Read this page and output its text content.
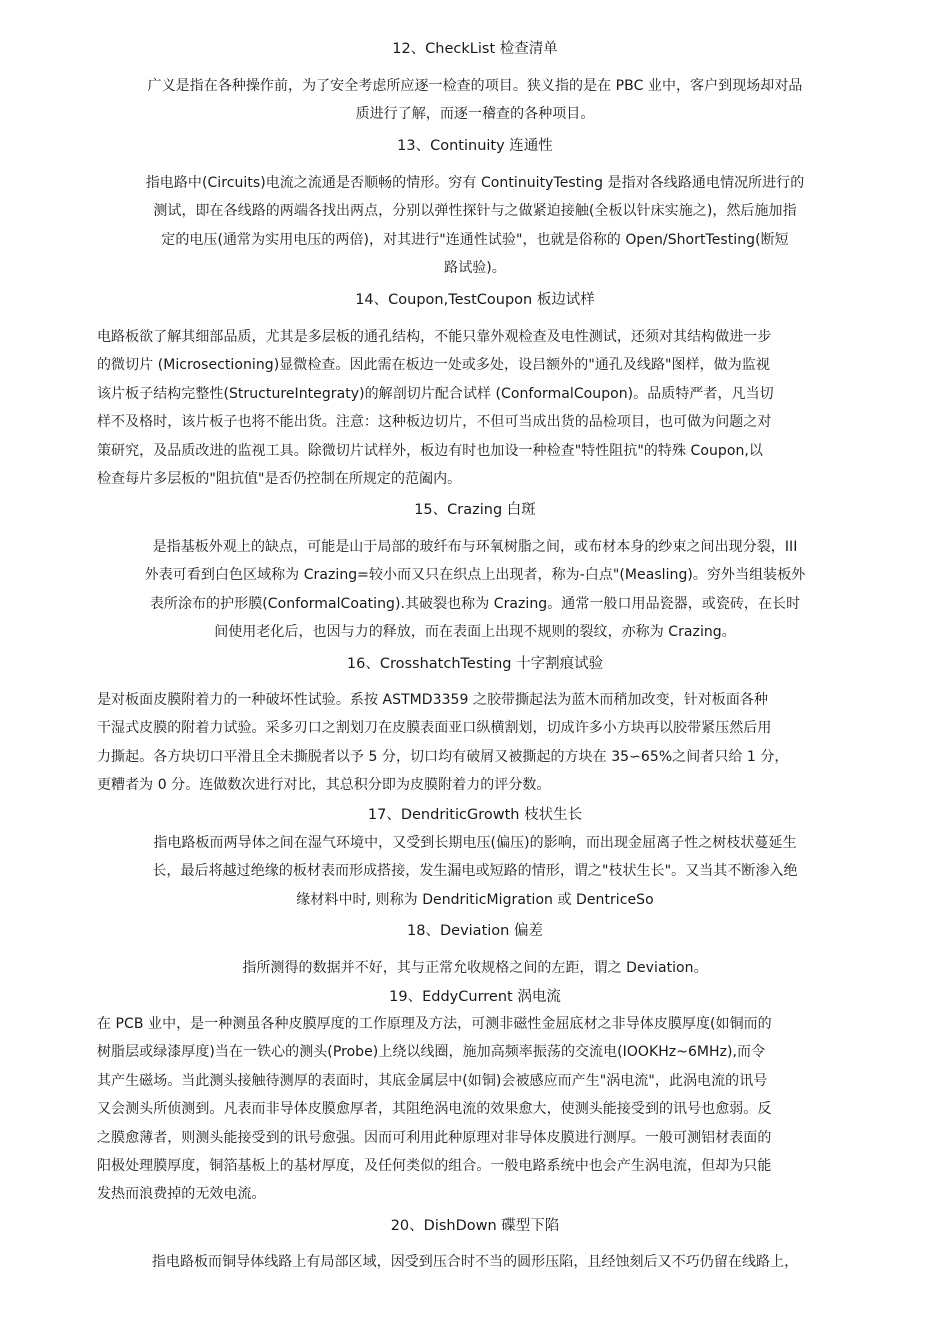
12、CheckList 检查清单
广义是指在各种操作前，为了安全考虑所应逐一检查的项目。狭义指的是在 PBC 业中，客户到现场却对品
质进行了解，而逐一稽查的各种项目。
13、Continuity 连通性
指电路中(Circuits)电流之流通是否顺畅的情形。穷有 ContinuityTesting 是指对各线路通电情况所进行的
测试，即在各线路的两端各找出两点，分别以弹性探针与之做紧迫接触(全板以针床实施之)，然后施加指
定的电压(通常为实用电压的两倍)，对其进行"连通性试验"，也就是俗称的 Open/ShortTesting(断短
路试验)。
14、Coupon,TestCoupon 板边试样
电路板欲了解其细部品质，尤其是多层板的通孔结构，不能只靠外观检查及电性测试，还须对其结构做进一步
的微切片 (Microsectioning)显微检查。因此需在板边一处或多处，设吕额外的"通孔及线路"图样，做为监视
该片板子结构完整性(StructureIntegraty)的解剖切片配合试样 (ConformalCoupon)。品质特严者，凡当切
样不及格时，该片板子也将不能出货。注意：这种板边切片，不但可当成出货的品检项目，也可做为问题之对
策研究，及品质改进的监视工具。除微切片试样外，板边有时也加设一种检查"特性阻抗"的特殊 Coupon,以
检查每片多层板的"阻抗值"是否仍控制在所规定的范阖内。
15、Crazing 白斑
是指基板外观上的缺点，可能是山于局部的玻纤布与环氧树脂之间，或布材本身的纱束之间出现分裂，III
外表可看到白色区域称为 Crazing=较小而又只在织点上出现者，称为-白点"(Measling)。穷外当组装板外
表所涂布的护形膜(ConformalCoating).其破裂也称为 Crazing。通常一般口用品瓷器，或瓷砖，在长时
间使用老化后，也因与力的释放，而在表面上出现不规则的裂纹，亦称为 Crazing。
16、CrosshatchTesting 十字割痕试验
是对板面皮膜附着力的一种破坏性试验。系按 ASTMD3359 之胶带撕起法为蓝木而稍加改变，针对板面各种
干湿式皮膜的附着力试验。采多刃口之割划刀在皮膜表面亚口纵横割划，切成许多小方块再以胶带紧压然后用
力撕起。各方块切口平滑且全未撕脱者以予 5 分，切口均有破屑又被撕起的方块在 35∽65%之间者只给 1 分，
更糟者为 0 分。连做数次进行对比，其总积分即为皮膜附着力的评分数。
17、DendriticGrowth 枝状生长
指电路板而两导体之间在湿气环境中，又受到长期电压(偏压)的影响，而出现金屈离子性之树枝状蔓延生
长，最后将越过绝缘的板材表而形成搭接，发生漏电或短路的情形，谓之"枝状生长"。又当其不断渗入绝
缘材料中时, 则称为 DendriticMigration 或 DentriceSo
18、Deviation 偏差
指所测得的数据并不好，其与正常允收规格之间的左距，谓之 Deviation。
19、EddyCurrent 涡电流
在 PCB 业中，是一种测虽各种皮膜厚度的工作原理及方法，可测非磁性金屈底材之非导体皮膜厚度(如铜而的
树脂层或绿漆厚度)当在一铁心的测头(Probe)上绕以线圈，施加高频率振荡的交流电(IOOKHz~6MHz),而令
其产生磁场。当此测头接触待测厚的表面时，其底金属层中(如铜)会被感应而产生"涡电流"，此涡电流的讯号
又会测头所侦测到。凡表而非导体皮膜愈厚者，其阻绝涡电流的效果愈大，使测头能接受到的讯号也愈弱。反
之膜愈薄者，则测头能接受到的讯号愈强。因而可利用此种原理对非导体皮膜进行测厚。一般可测铝材表面的
阳极处理膜厚度，铜箔基板上的基材厚度，及任何类似的组合。一般电路系统中也会产生涡电流，但却为只能
发热而浪费掉的无效电流。
20、DishDown 碟型下陷
指电路板而铜导体线路上有局部区域，因受到压合时不当的圆形压陷，且经蚀刻后又不巧仍留在线路上，
